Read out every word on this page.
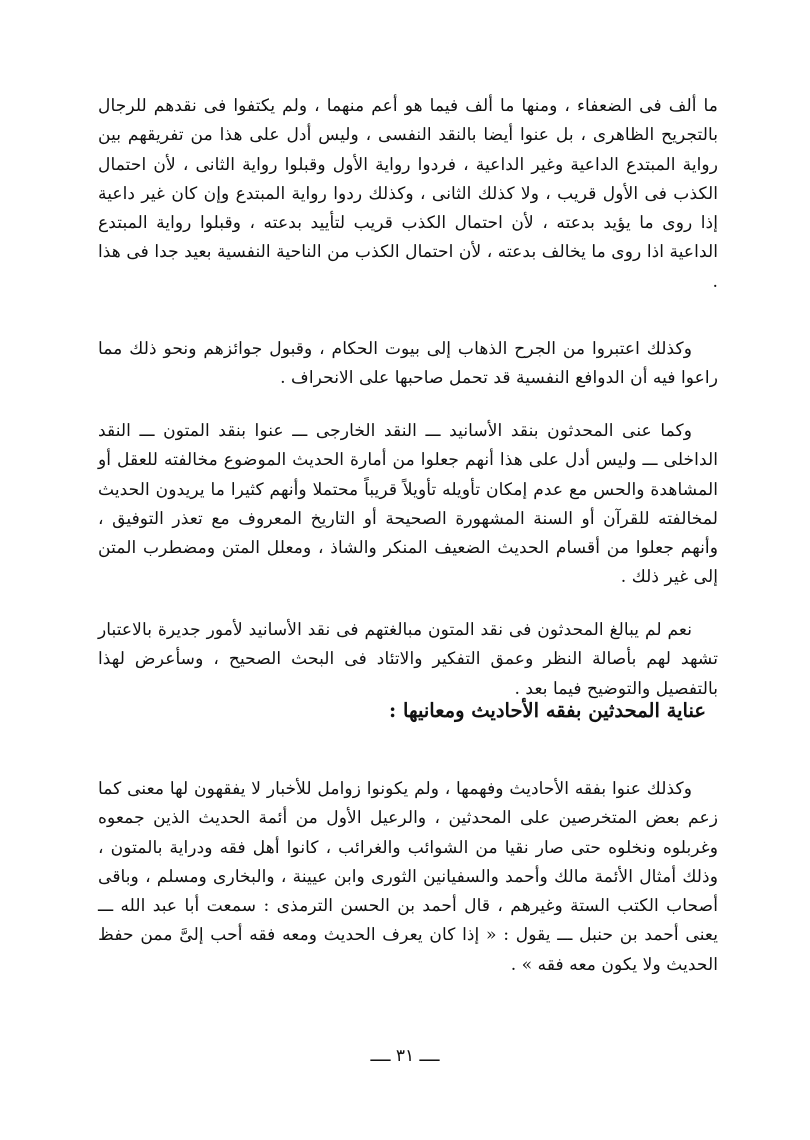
ما ألف فى الضعفاء ، ومنها ما ألف فيما هو أعم منهما ، ولم يكتفوا فى نقدهم للرجال بالتجريح الظاهرى ، بل عنوا أيضا بالنقد النفسى ، وليس أدل على هذا من تفريقهم بين رواية المبتدع الداعية وغير الداعية ، فردوا رواية الأول وقبلوا رواية الثانى ، لأن احتمال الكذب فى الأول قريب ، ولا كذلك الثانى ، وكذلك ردوا رواية المبتدع وإن كان غير داعية إذا روى ما يؤيد بدعته ، لأن احتمال الكذب قريب لتأييد بدعته ، وقبلوا رواية المبتدع الداعية اذا روى ما يخالف بدعته ، لأن احتمال الكذب من الناحية النفسية بعيد جدا فى هذا .

وكذلك اعتبروا من الجرح الذهاب إلى بيوت الحكام ، وقبول جوائزهم ونحو ذلك مما راعوا فيه أن الدوافع النفسية قد تحمل صاحبها على الانحراف .

وكما عنى المحدثون بنقد الأسانيد ـــ النقد الخارجى ـــ عنوا بنقد المتون ـــ النقد الداخلى ـــ وليس أدل على هذا أنهم جعلوا من أمارة الحديث الموضوع مخالفته للعقل أو المشاهدة والحس مع عدم إمكان تأويله تأويلاً قريباً محتملا وأنهم كثيرا ما يريدون الحديث لمخالفته للقرآن أو السنة المشهورة الصحيحة أو التاريخ المعروف مع تعذر التوفيق ، وأنهم جعلوا من أقسام الحديث الضعيف المنكر والشاذ ، ومعلل المتن ومضطرب المتن إلى غير ذلك .

نعم لم يبالغ المحدثون فى نقد المتون مبالغتهم فى نقد الأسانيد لأمور جديرة بالاعتبار تشهد لهم بأصالة النظر وعمق التفكير والاتئاد فى البحث الصحيح ، وسأعرض لهذا بالتفصيل والتوضيح فيما بعد .

عناية المحدثين بفقه الأحاديث ومعانيها :

وكذلك عنوا بفقه الأحاديث وفهمها ، ولم يكونوا زوامل للأخبار لا يفقهون لها معنى كما زعم بعض المتخرصين على المحدثين ، والرعيل الأول من أئمة الحديث الذين جمعوه وغربلوه ونخلوه حتى صار نقيا من الشوائب والغرائب ، كانوا أهل فقه ودراية بالمتون ، وذلك أمثال الأئمة مالك وأحمد والسفيانين الثورى وابن عيينة ، والبخارى ومسلم ، وباقى أصحاب الكتب الستة وغيرهم ، قال أحمد بن الحسن الترمذى : سمعت أبا عبد الله ـــ يعنى أحمد بن حنبل ـــ يقول : « إذا كان يعرف الحديث ومعه فقه أحب إلىَّ ممن حفظ الحديث ولا يكون معه فقه » .

ــــ ٣١ ــــ
